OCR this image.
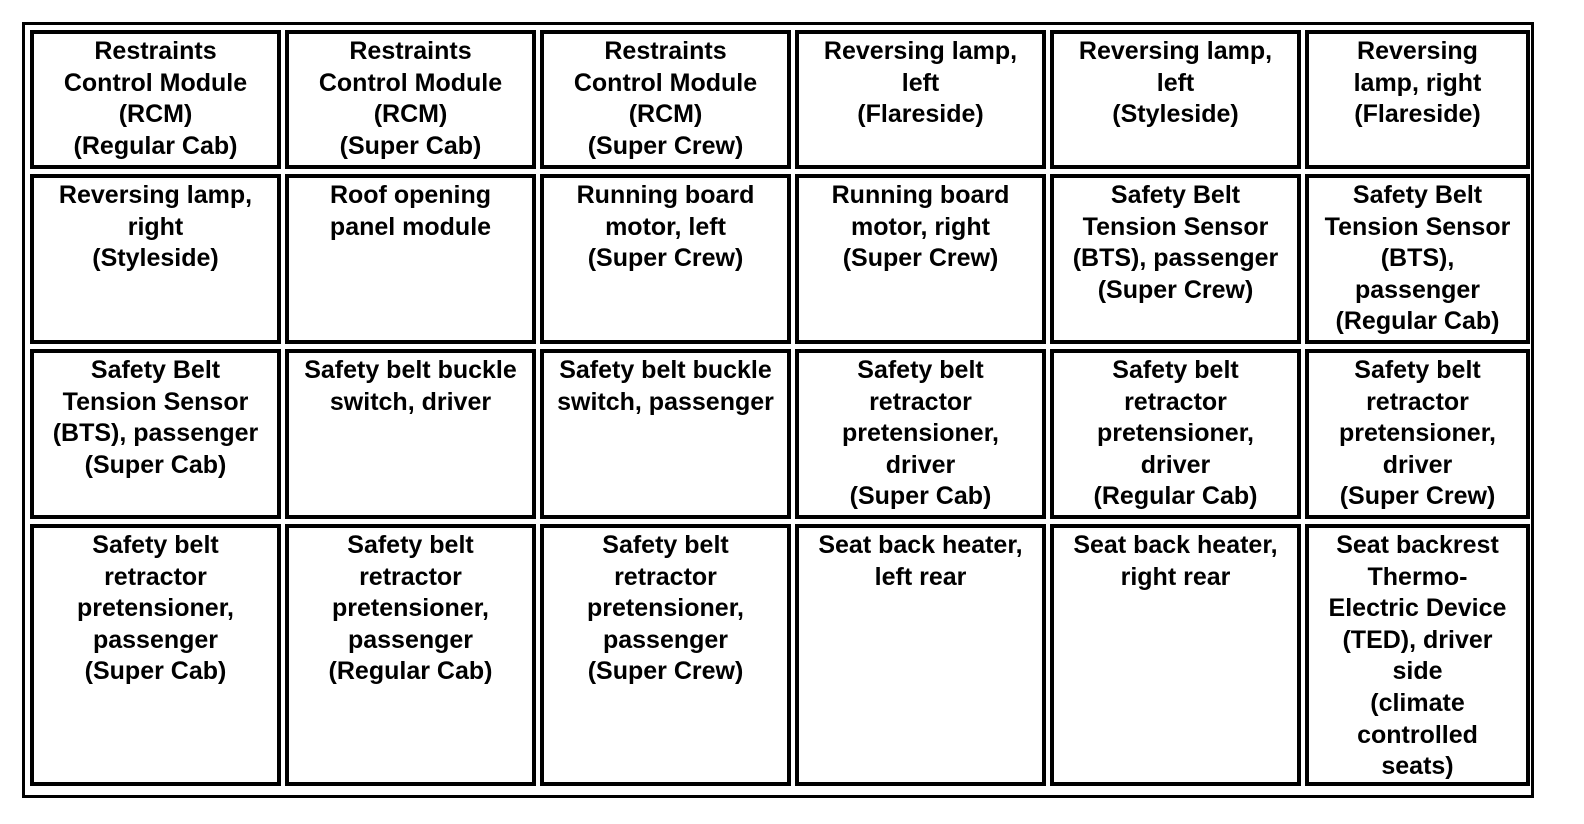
Restraints
Control Module
(RCM)
(Regular Cab)
Restraints
Control Module
(RCM)
(Super Cab)
Restraints
Control Module
(RCM)
(Super Crew)
Reversing lamp,
left
(Flareside)
Reversing lamp,
left
(Styleside)
Reversing
lamp, right
(Flareside)
Reversing lamp,
right
(Styleside)
Roof opening
panel module
Running board
motor, left
(Super Crew)
Running board
motor, right
(Super Crew)
Safety Belt
Tension Sensor
(BTS), passenger
(Super Crew)
Safety Belt
Tension Sensor
(BTS),
passenger
(Regular Cab)
Safety Belt
Tension Sensor
(BTS), passenger
(Super Cab)
Safety belt buckle
switch, driver
Safety belt buckle
switch, passenger
Safety belt
retractor
pretensioner,
driver
(Super Cab)
Safety belt
retractor
pretensioner,
driver
(Regular Cab)
Safety belt
retractor
pretensioner,
driver
(Super Crew)
Safety belt
retractor
pretensioner,
passenger
(Super Cab)
Safety belt
retractor
pretensioner,
passenger
(Regular Cab)
Safety belt
retractor
pretensioner,
passenger
(Super Crew)
Seat back heater,
left rear
Seat back heater,
right rear
Seat backrest
Thermo-
Electric Device
(TED), driver
side
(climate
controlled
seats)
